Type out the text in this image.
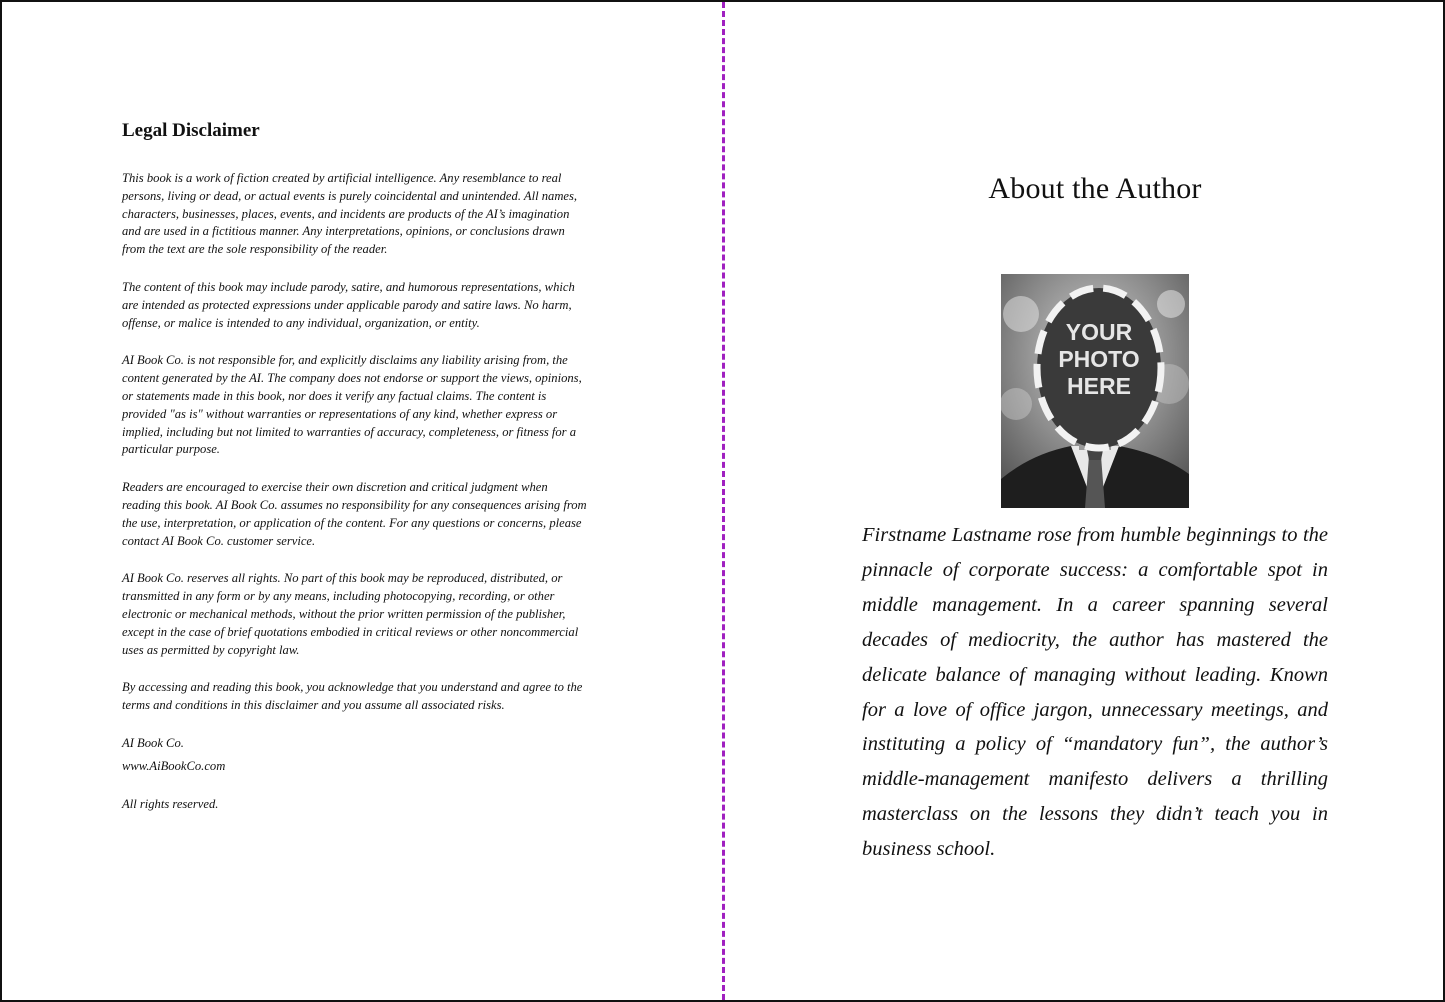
Legal Disclaimer

This book is a work of fiction created by artificial intelligence. Any resemblance to real persons, living or dead, or actual events is purely coincidental and unintended. All names, characters, businesses, places, events, and incidents are products of the AI’s imagination and are used in a fictitious manner. Any interpretations, opinions, or conclusions drawn from the text are the sole responsibility of the reader.

The content of this book may include parody, satire, and humorous representations, which are intended as protected expressions under applicable parody and satire laws. No harm, offense, or malice is intended to any individual, organization, or entity.

AI Book Co. is not responsible for, and explicitly disclaims any liability arising from, the content generated by the AI. The company does not endorse or support the views, opinions, or statements made in this book, nor does it verify any factual claims. The content is provided "as is" without warranties or representations of any kind, whether express or implied, including but not limited to warranties of accuracy, completeness, or fitness for a particular purpose.

Readers are encouraged to exercise their own discretion and critical judgment when reading this book. AI Book Co. assumes no responsibility for any consequences arising from the use, interpretation, or application of the content. For any questions or concerns, please contact AI Book Co. customer service.

AI Book Co. reserves all rights. No part of this book may be reproduced, distributed, or transmitted in any form or by any means, including photocopying, recording, or other electronic or mechanical methods, without the prior written permission of the publisher, except in the case of brief quotations embodied in critical reviews or other noncommercial uses as permitted by copyright law.

By accessing and reading this book, you acknowledge that you understand and agree to the terms and conditions in this disclaimer and you assume all associated risks.

AI Book Co.

www.AiBookCo.com

All rights reserved.

About the Author
YOUR
PHOTO
HERE

Firstname Lastname rose from humble beginnings to the pinnacle of corporate success: a comfortable spot in middle management. In a career spanning several decades of mediocrity, the author has mastered the delicate balance of managing without leading. Known for a love of office jargon, unnecessary meetings, and instituting a policy of “mandatory fun”, the author’s middle-management manifesto delivers a thrilling masterclass on the lessons they didn’t teach you in business school.
